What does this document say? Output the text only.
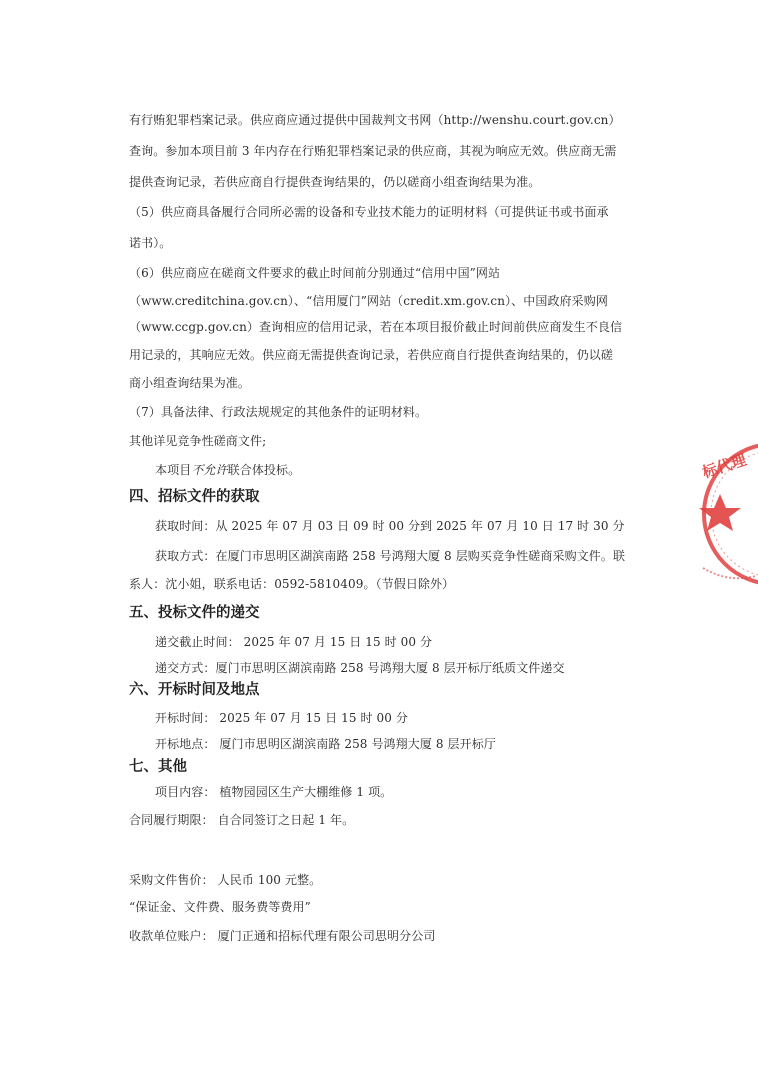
有行贿犯罪档案记录。供应商应通过提供中国裁判文书网（http://wenshu.court.gov.cn）
查询。参加本项目前 3 年内存在行贿犯罪档案记录的供应商，其视为响应无效。供应商无需
提供查询记录，若供应商自行提供查询结果的，仍以磋商小组查询结果为准。
（5）供应商具备履行合同所必需的设备和专业技术能力的证明材料（可提供证书或书面承
诺书）。
（6）供应商应在磋商文件要求的截止时间前分别通过“信用中国”网站
（www.creditchina.gov.cn）、“信用厦门”网站（credit.xm.gov.cn）、中国政府采购网
（www.ccgp.gov.cn）查询相应的信用记录，若在本项目报价截止时间前供应商发生不良信
用记录的，其响应无效。供应商无需提供查询记录，若供应商自行提供查询结果的，仍以磋
商小组查询结果为准。
（7）具备法律、行政法规规定的其他条件的证明材料。
其他详见竞争性磋商文件;
本项目不允许联合体投标。
四、招标文件的获取
获取时间：从 2025 年 07 月 03 日 09 时 00 分到 2025 年 07 月 10 日 17 时 30 分
获取方式：在厦门市思明区湖滨南路 258 号鸿翔大厦 8 层购买竞争性磋商采购文件。联
系人：沈小姐，联系电话：0592-5810409。（节假日除外）
五、投标文件的递交
递交截止时间： 2025 年 07 月 15 日 15 时 00 分
递交方式：厦门市思明区湖滨南路 258 号鸿翔大厦 8 层开标厅纸质文件递交
六、开标时间及地点
开标时间： 2025 年 07 月 15 日 15 时 00 分
开标地点： 厦门市思明区湖滨南路 258 号鸿翔大厦 8 层开标厅
七、其他
项目内容： 植物园园区生产大棚维修 1 项。
合同履行期限： 自合同签订之日起 1 年。
采购文件售价： 人民币 100 元整。
“保证金、文件费、服务费等费用”
收款单位账户： 厦门正通和招标代理有限公司思明分公司
标代理
